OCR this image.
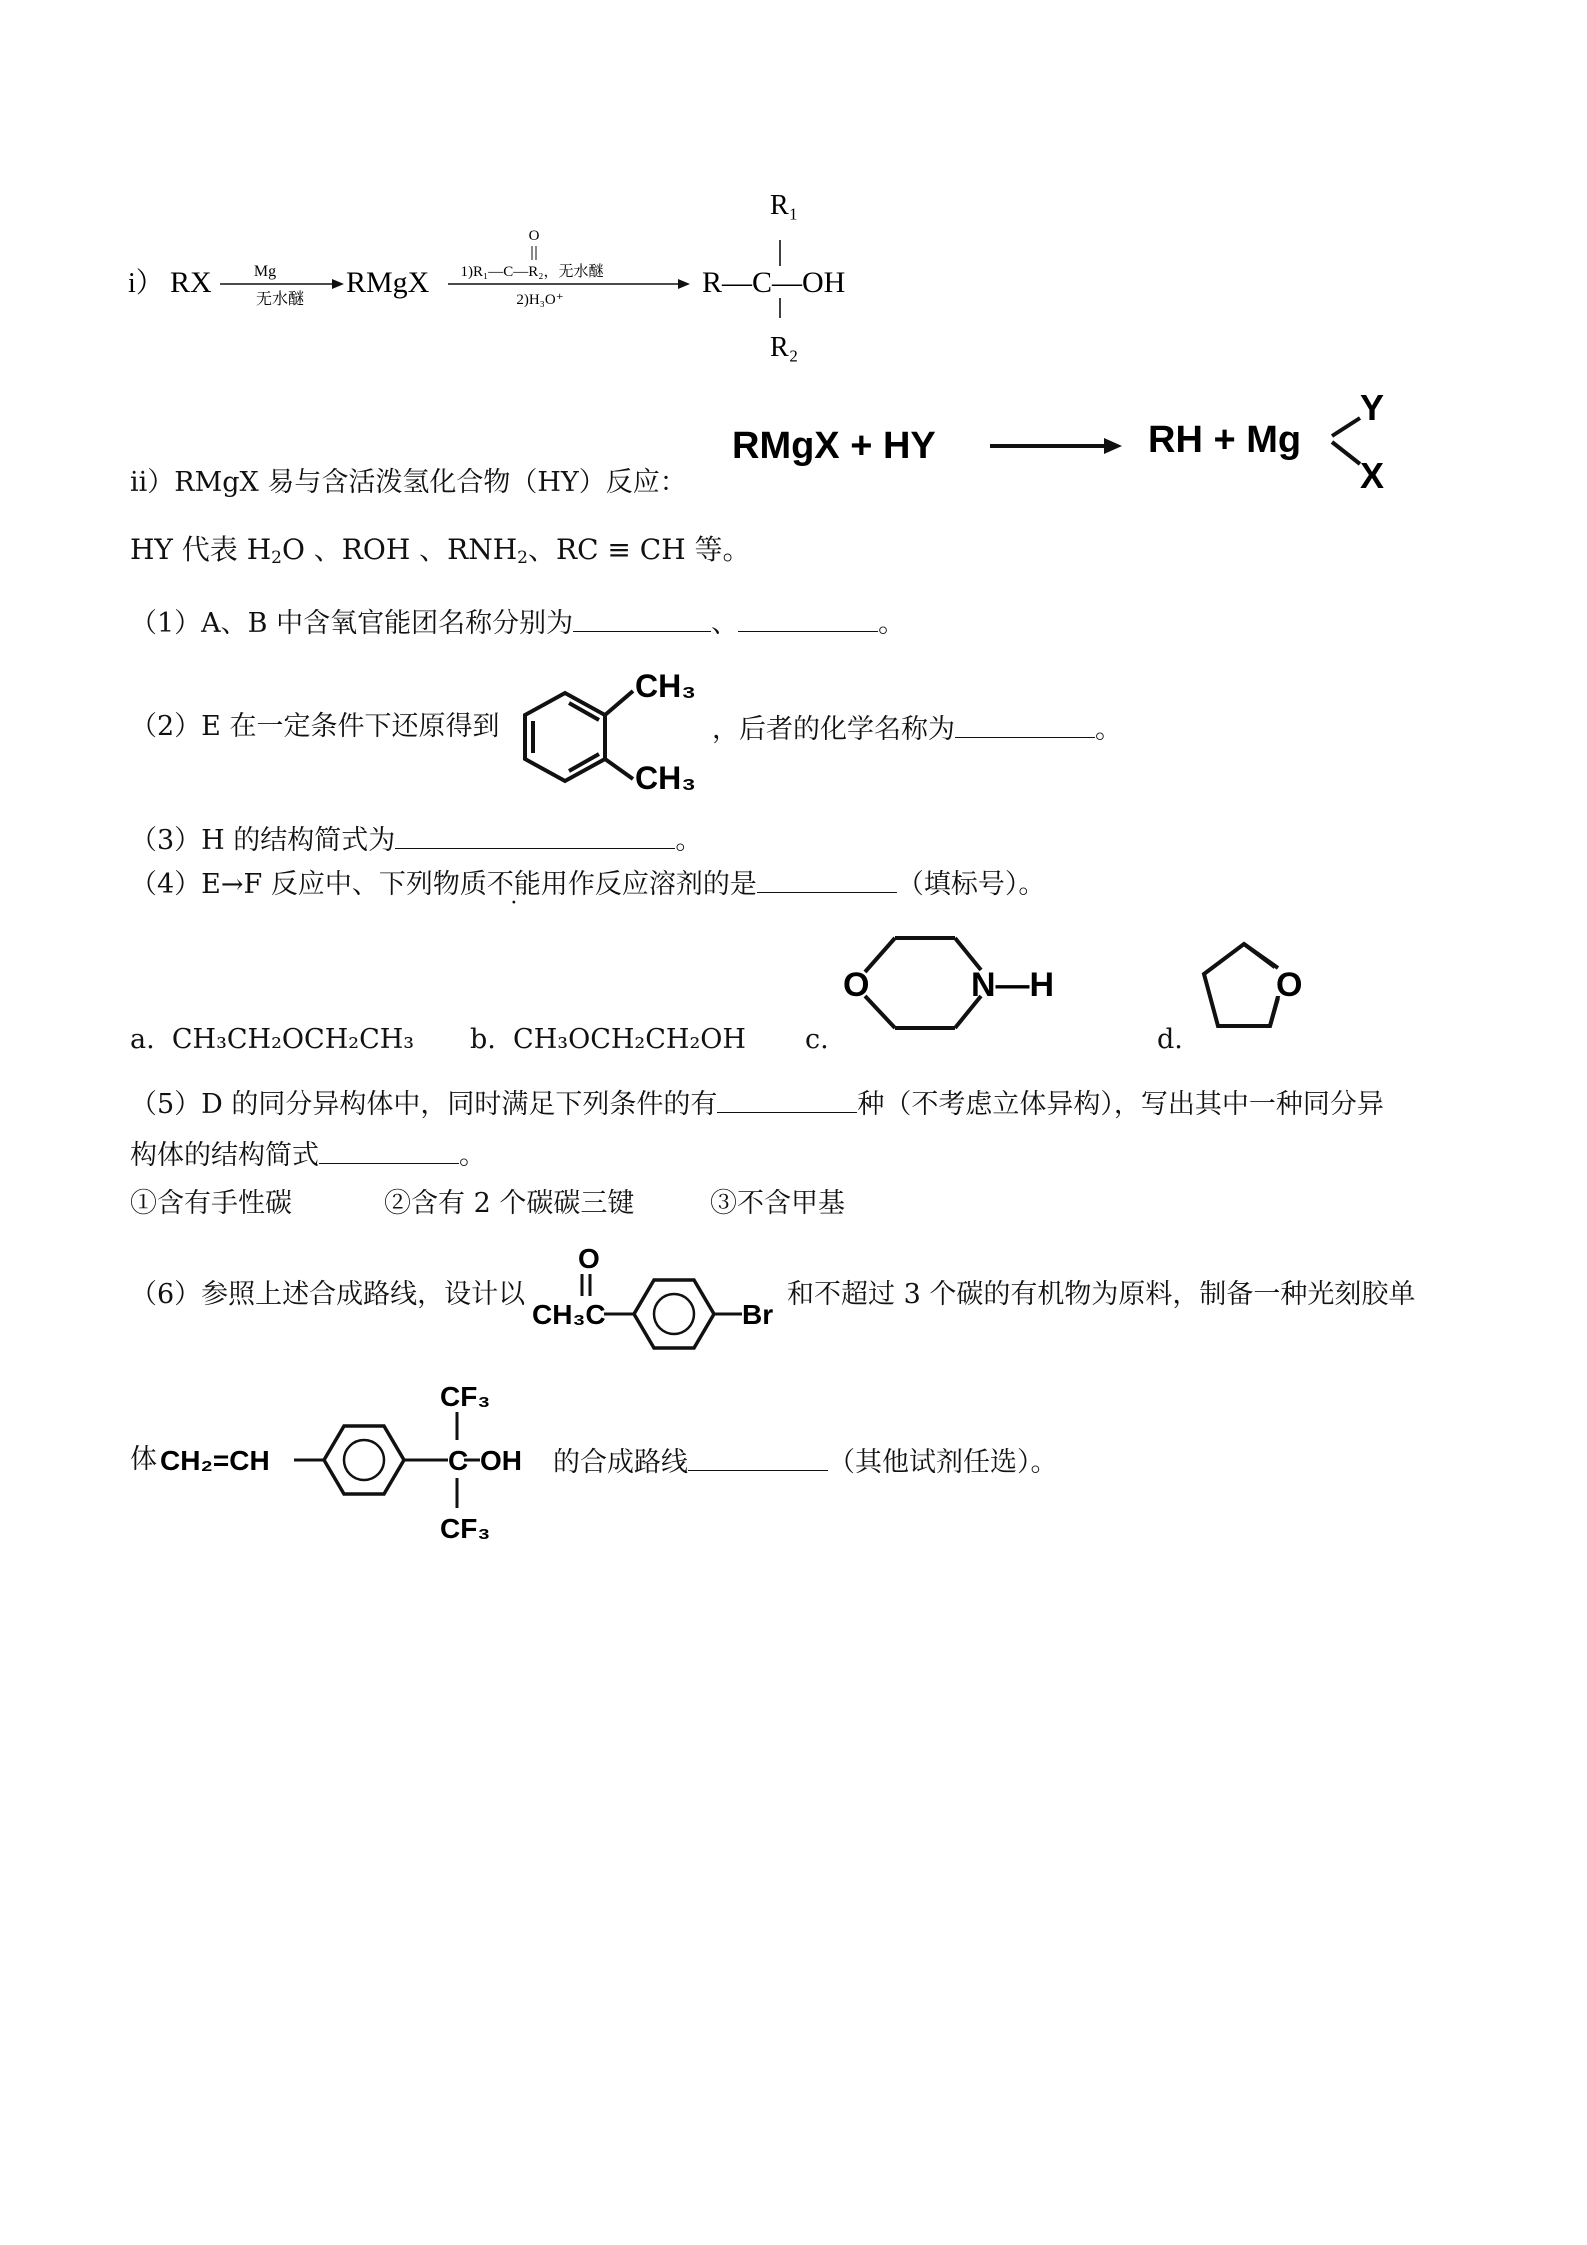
i） RX	Mg
无水醚
RMgX
O
1)R₁—C—R₂，无水醚
2)H₃O⁺
R— C —OH
R₁
R₂
ii）RMgX 易与含活泼氢化合物（HY）反应：
RMgX + HY	RH + Mg
Y
X
HY 代表 $H_2O$ 、ROH 、$RNH_2$、RC ≡ CH 等。
（1）A、B 中含氧官能团名称分别为	、	。
（2）E 在一定条件下还原得到
CH₃
CH₃
，后者的化学名称为	。
（3）H 的结构简式为	。
（4）E→F 反应中、下列物质不能用作反应溶剂的是	（填标号）。
a. CH₃CH₂OCH₂CH₃ b. CH₃OCH₂CH₂OH c.
O	N—H
d.
O
（5）D 的同分异构体中，同时满足下列条件的有	种（不考虑立体异构），写出其中一种同分异
构体的结构简式	。
①含有手性碳	②含有 2 个碳碳三键	③不含甲基
（6）参照上述合成路线，设计以
O
CH₃C	Br
和不超过 3 个碳的有机物为原料，制备一种光刻胶单
体 CH₂=CH	C OH
CF₃
CF₃
的合成路线	（其他试剂任选）。
